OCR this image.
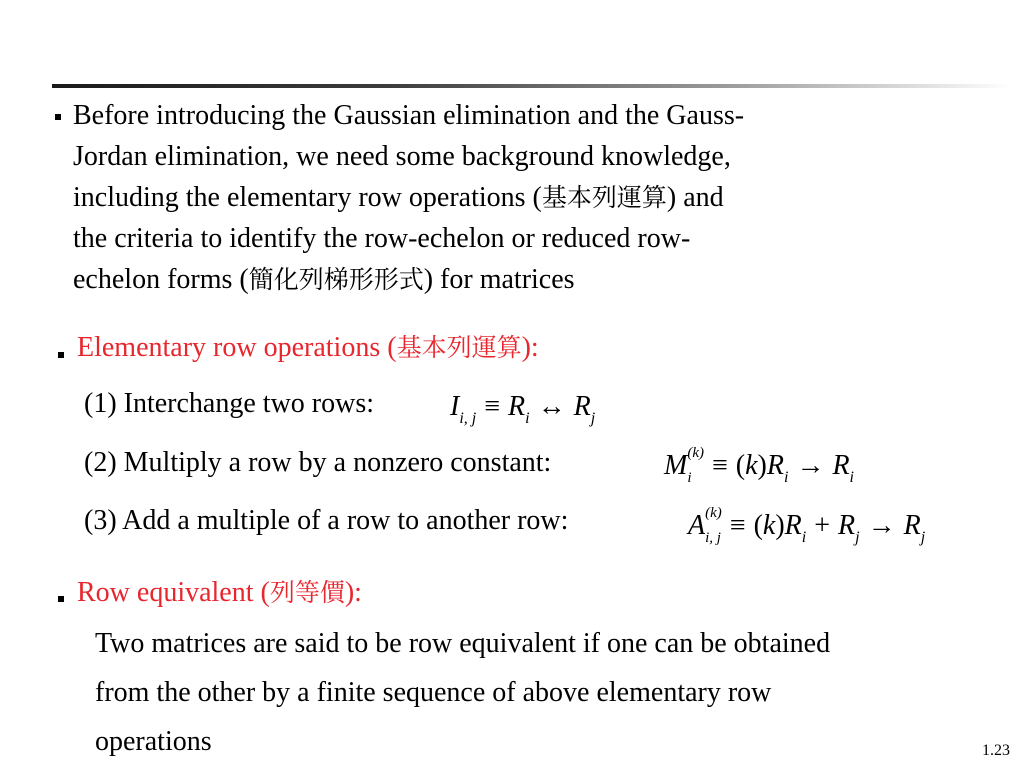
Before introducing the Gaussian elimination and the Gauss-
Jordan elimination, we need some background knowledge,
including the elementary row operations (基本列運算) and
the criteria to identify the row-echelon or reduced row-
echelon forms (簡化列梯形形式) for matrices
Elementary row operations (基本列運算):
(1) Interchange two rows:	$I_{i, j} \equiv R_i$ ↔ $R_j$
(2) Multiply a row by a nonzero constant:	M (k)
$i \equiv (k)R_i \to R_i$
(3) Add a multiple of a row to another row:	A (k)
i, $j \equiv (k)R_i + R_j \to R_j$
Row equivalent (列等價):
Two matrices are said to be row equivalent if one can be obtained
from the other by a finite sequence of above elementary row
operations	1.23
